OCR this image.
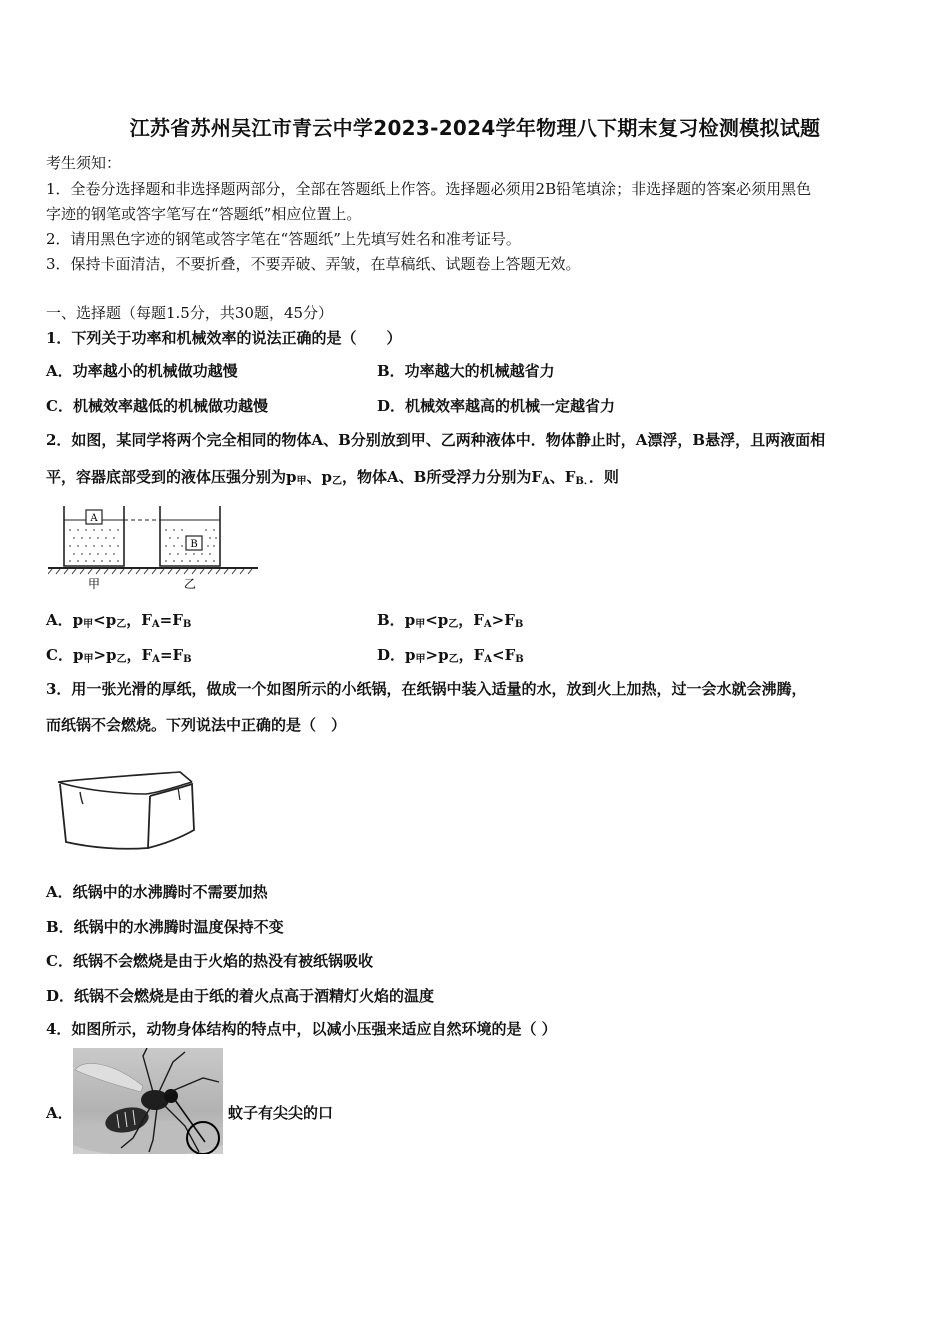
江苏省苏州吴江市青云中学2023-2024学年物理八下期末复习检测模拟试题
考生须知：
1．全卷分选择题和非选择题两部分，全部在答题纸上作答。选择题必须用2B铅笔填涂；非选择题的答案必须用黑色
字迹的钢笔或答字笔写在“答题纸”相应位置上。
2．请用黑色字迹的钢笔或答字笔在“答题纸”上先填写姓名和准考证号。
3．保持卡面清洁，不要折叠，不要弄破、弄皱，在草稿纸、试题卷上答题无效。
一、选择题（每题1.5分，共30题，45分）
1．下列关于功率和机械效率的说法正确的是（　　）
A．功率越小的机械做功越慢	B．功率越大的机械越省力
C．机械效率越低的机械做功越慢	D．机械效率越高的机械一定越省力
2．如图，某同学将两个完全相同的物体A、B分别放到甲、乙两种液体中．物体静止时，A漂浮，B悬浮，且两液面相
平，容器底部受到的液体压强分别为$p_甲$、$p_乙$，物体A、B所受浮力分别为$F_A$、$F_{B.}$．则
A
B
甲	乙
A．$p_甲<p_乙$，$F_A=F_B$	B．$p_甲<p_乙$，$F_A>F_B$
C．$p_甲>p_乙$，$F_A=F_B$	D．$p_甲>p_乙$，$F_A<F_B$
3．用一张光滑的厚纸，做成一个如图所示的小纸锅，在纸锅中装入适量的水，放到火上加热，过一会水就会沸腾，
而纸锅不会燃烧。下列说法中正确的是（　）
A．纸锅中的水沸腾时不需要加热
B．纸锅中的水沸腾时温度保持不变
C．纸锅不会燃烧是由于火焰的热没有被纸锅吸收
D．纸锅不会燃烧是由于纸的着火点高于酒精灯火焰的温度
4．如图所示，动物身体结构的特点中，以减小压强来适应自然环境的是（ ）
A．	蚊子有尖尖的口
